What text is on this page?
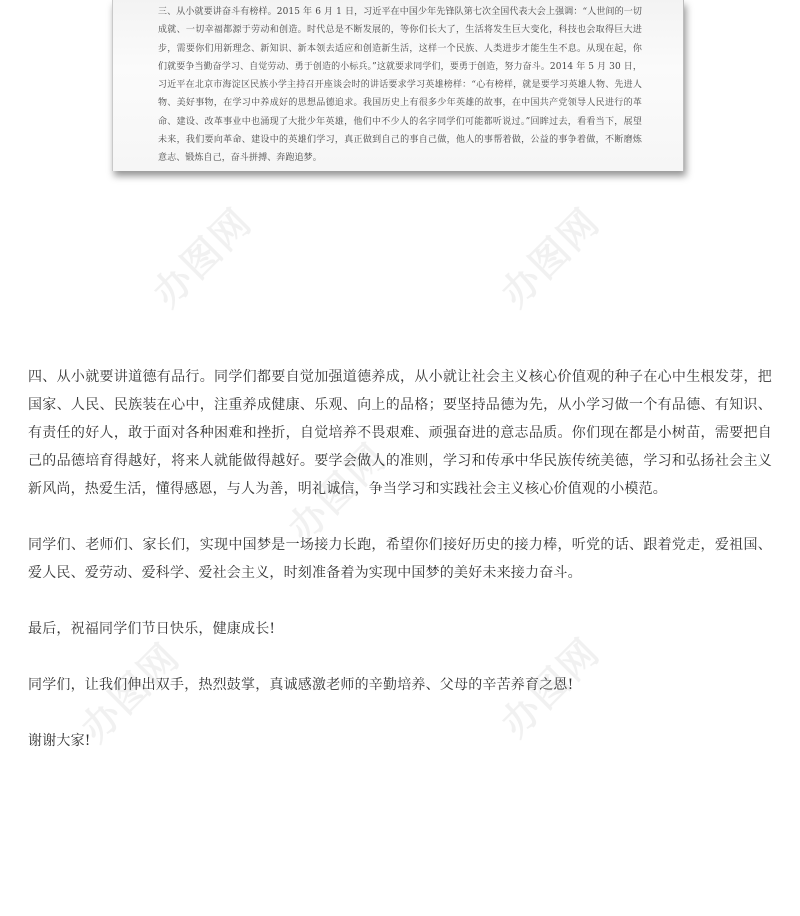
三、从小就要讲奋斗有榜样。2015 年 6 月 1 日，习近平在中国少年先锋队第七次全国代表大会上强调：“人世间的一切
成就、一切幸福都源于劳动和创造。时代总是不断发展的，等你们长大了，生活将发生巨大变化，科技也会取得巨大进
步，需要你们用新理念、新知识、新本领去适应和创造新生活，这样一个民族、人类进步才能生生不息。从现在起，你
们就要争当勤奋学习、自觉劳动、勇于创造的小标兵。”这就要求同学们，要勇于创造，努力奋斗。2014 年 5 月 30 日，
习近平在北京市海淀区民族小学主持召开座谈会时的讲话要求学习英雄榜样：“心有榜样，就是要学习英雄人物、先进人
物、美好事物，在学习中养成好的思想品德追求。我国历史上有很多少年英雄的故事，在中国共产党领导人民进行的革
命、建设、改革事业中也涌现了大批少年英雄，他们中不少人的名字同学们可能都听说过。”回眸过去，看看当下，展望
未来，我们要向革命、建设中的英雄们学习，真正做到自己的事自己做，他人的事帮着做，公益的事争着做，不断磨炼
意志、锻炼自己，奋斗拼搏、奔跑追梦。
办图网	办图网
办图网
办图网	办图网
四、从小就要讲道德有品行。同学们都要自觉加强道德养成，从小就让社会主义核心价值观的种子在心中生根发芽，把
国家、人民、民族装在心中，注重养成健康、乐观、向上的品格；要坚持品德为先，从小学习做一个有品德、有知识、
有责任的好人，敢于面对各种困难和挫折，自觉培养不畏艰难、顽强奋进的意志品质。你们现在都是小树苗，需要把自
己的品德培育得越好，将来人就能做得越好。要学会做人的准则，学习和传承中华民族传统美德，学习和弘扬社会主义
新风尚，热爱生活，懂得感恩，与人为善，明礼诚信，争当学习和实践社会主义核心价值观的小模范。
同学们、老师们、家长们，实现中国梦是一场接力长跑，希望你们接好历史的接力棒，听党的话、跟着党走，爱祖国、
爱人民、爱劳动、爱科学、爱社会主义，时刻准备着为实现中国梦的美好未来接力奋斗。
最后，祝福同学们节日快乐，健康成长!
同学们，让我们伸出双手，热烈鼓掌，真诚感激老师的辛勤培养、父母的辛苦养育之恩!
谢谢大家!
